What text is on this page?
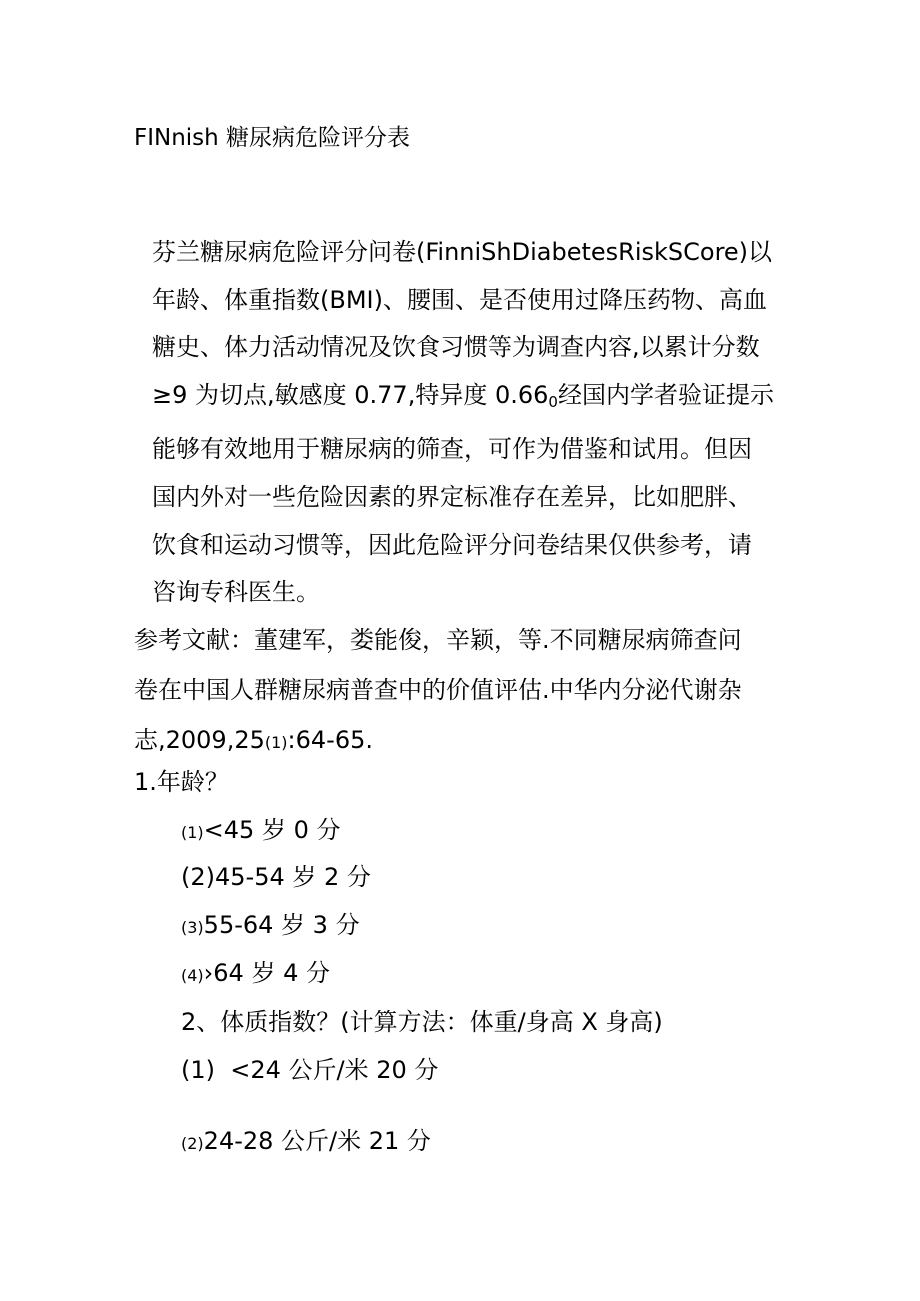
FINnish 糖尿病危险评分表

芬兰糖尿病危险评分问卷(FinniShDiabetesRiskSCore)以
年龄、体重指数(BMI)、腰围、是否使用过降压药物、高血
糖史、体力活动情况及饮食习惯等为调查内容,以累计分数
≥9 为切点,敏感度 0.77,特异度 0.660经国内学者验证提示
能够有效地用于糖尿病的筛查，可作为借鉴和试用。但因
国内外对一些危险因素的界定标准存在差异，比如肥胖、
饮食和运动习惯等，因此危险评分问卷结果仅供参考，请
咨询专科医生。

参考文献：董建军，娄能俊，辛颖，等.不同糖尿病筛查问
卷在中国人群糖尿病普查中的价值评估.中华内分泌代谢杂
志,2009,25(1):64-65.

1.年龄？
(1)<45 岁 0 分
(2)45-54 岁 2 分
(3)55-64 岁 3 分
(4)›64 岁 4 分
2、体质指数？(计算方法：体重/身高 X 身高)
(1)  <24 公斤/米 20 分
(2)24-28 公斤/米 21 分
